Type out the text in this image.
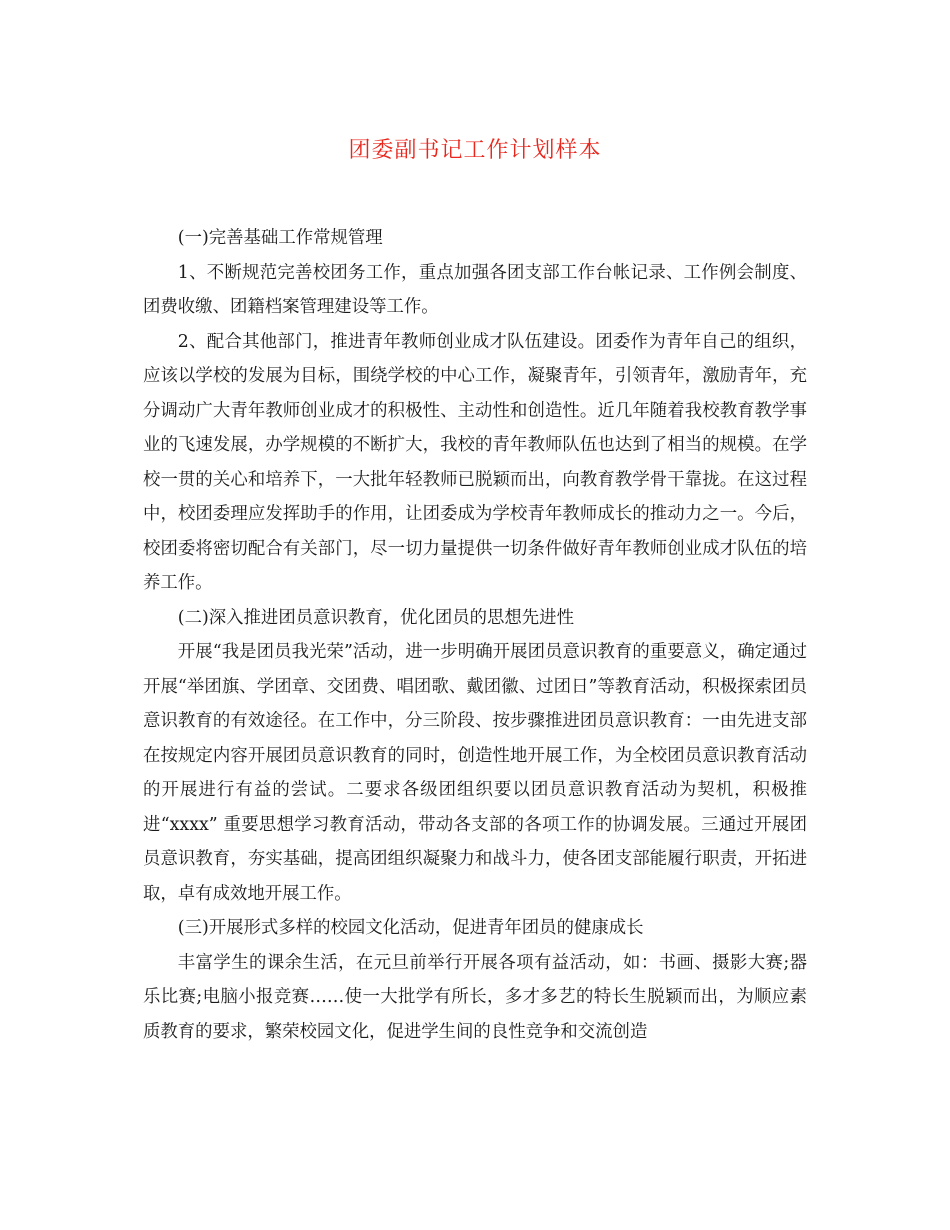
团委副书记工作计划样本

(一)完善基础工作常规管理

1、不断规范完善校团务工作，重点加强各团支部工作台帐记录、工作例会制度、团费收缴、团籍档案管理建设等工作。

2、配合其他部门，推进青年教师创业成才队伍建设。团委作为青年自己的组织，应该以学校的发展为目标，围绕学校的中心工作，凝聚青年，引领青年，激励青年，充分调动广大青年教师创业成才的积极性、主动性和创造性。近几年随着我校教育教学事业的飞速发展，办学规模的不断扩大，我校的青年教师队伍也达到了相当的规模。在学校一贯的关心和培养下，一大批年轻教师已脱颖而出，向教育教学骨干靠拢。在这过程中，校团委理应发挥助手的作用，让团委成为学校青年教师成长的推动力之一。今后，校团委将密切配合有关部门，尽一切力量提供一切条件做好青年教师创业成才队伍的培养工作。

(二)深入推进团员意识教育，优化团员的思想先进性

开展“我是团员我光荣”活动，进一步明确开展团员意识教育的重要意义，确定通过开展“举团旗、学团章、交团费、唱团歌、戴团徽、过团日”等教育活动，积极探索团员意识教育的有效途径。在工作中，分三阶段、按步骤推进团员意识教育：一由先进支部在按规定内容开展团员意识教育的同时，创造性地开展工作，为全校团员意识教育活动的开展进行有益的尝试。二要求各级团组织要以团员意识教育活动为契机，积极推进“xxxx” 重要思想学习教育活动，带动各支部的各项工作的协调发展。三通过开展团员意识教育，夯实基础，提高团组织凝聚力和战斗力，使各团支部能履行职责，开拓进取，卓有成效地开展工作。

(三)开展形式多样的校园文化活动，促进青年团员的健康成长

丰富学生的课余生活，在元旦前举行开展各项有益活动，如：书画、摄影大赛;器乐比赛;电脑小报竞赛……使一大批学有所长，多才多艺的特长生脱颖而出，为顺应素质教育的要求，繁荣校园文化，促进学生间的良性竞争和交流创造
